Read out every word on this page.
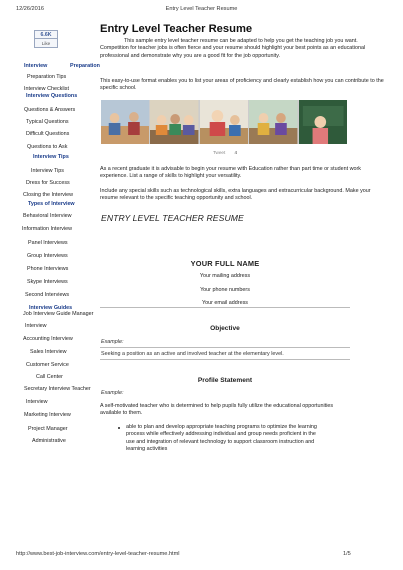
12/26/2016	Entry Level Teacher Resume
6.6K
Like
Interview	Preparation
Preparation Tips
Interview Checklist
Interview Questions
Questions & Answers
Typical Questions
Difficult Questions
Questions to Ask
Interview Tips
Interview Tips
Dress for Success
Closing the Interview
Types of Interview
Behavioral Interview
Information Interview
Panel Interviews
Group Interviews
Phone Interviews
Skype Interviews
Second Interviews
Interview Guides
Job Interview Guide Manager
Interview
Accounting Interview
Sales Interview
Customer Service
Call Center
Secretary Interview Teacher
Interview
Marketing Interview
Project Manager
Administrative
Entry Level Teacher Resume

This sample entry level teacher resume can be adapted to help you get the teaching job you want. Competition for teacher jobs is often fierce and your resume should highlight your best points as an educational professional and demonstrate why you are a good fit for the job opportunity.

This easy-to-use format enables you to list your areas of proficiency and clearly establish how you can contribute to the specific school.

Tweet 4

As a recent graduate it is advisable to begin your resume with Education rather than part time or student work experience. List a range of skills to highlight your versatility.

Include any special skills such as technological skills, extra languages and extracurricular background. Make your resume relevant to the specific teaching opportunity and school.

ENTRY LEVEL TEACHER RESUME
YOUR FULL NAME
Your mailing address
Your phone numbers
Your email address
Objective
Example:
Seeking a position as an active and involved teacher at the elementary level.
Profile Statement
Example:

A self-motivated teacher who is determined to help pupils fully utilize the educational opportunities available to them.

able to plan and develop appropriate teaching programs to optimize the learning process while effectively addressing individual and group needs proficient in the use and integration of relevant technology to support classroom instruction and learning activities
http://www.best-job-interview.com/entry-level-teacher-resume.html	1/5
